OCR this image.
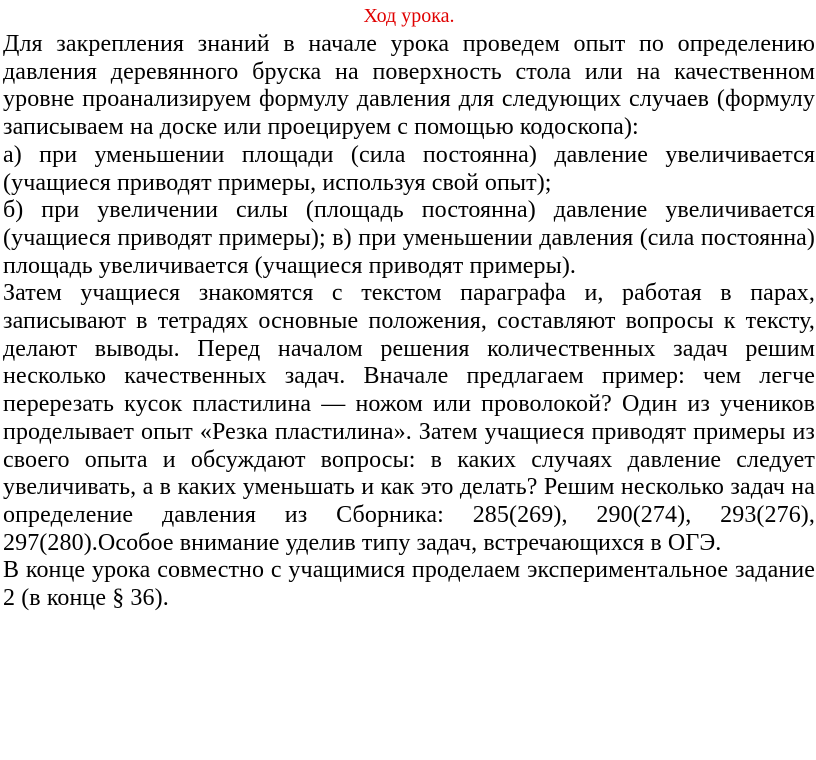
Ход урока.

Для закрепления знаний в начале урока проведем опыт по определению давления деревянного бруска на поверхность стола или на качественном уровне проанализируем формулу давления для следующих случаев (формулу записываем на доске или проецируем с помощью кодоскопа):

а) при уменьшении площади (сила постоянна) давление увеличивается (учащиеся приводят примеры, используя свой опыт);

б) при увеличении силы (площадь постоянна) давление увеличивается (учащиеся приводят примеры); в) при уменьшении давления (сила постоянна) площадь увеличивается (учащиеся приводят примеры).

Затем учащиеся знакомятся с текстом параграфа и, работая в парах, записывают в тетрадях основные положения, составляют вопросы к тексту, делают выводы. Перед началом решения количественных задач решим несколько качественных задач. Вначале предлагаем пример: чем легче перерезать кусок пластилина — ножом или проволокой? Один из учеников проделывает опыт «Резка пластилина». Затем учащиеся приводят примеры из своего опыта и обсуждают вопросы: в каких случаях давление следует увеличивать, а в каких уменьшать и как это делать? Решим несколько задач на определение давления из Сборника: 285(269), 290(274), 293(276), 297(280).Особое внимание уделив типу задач, встречающихся в ОГЭ.

В конце урока совместно с учащимися проделаем экспериментальное задание 2 (в конце § 36).
